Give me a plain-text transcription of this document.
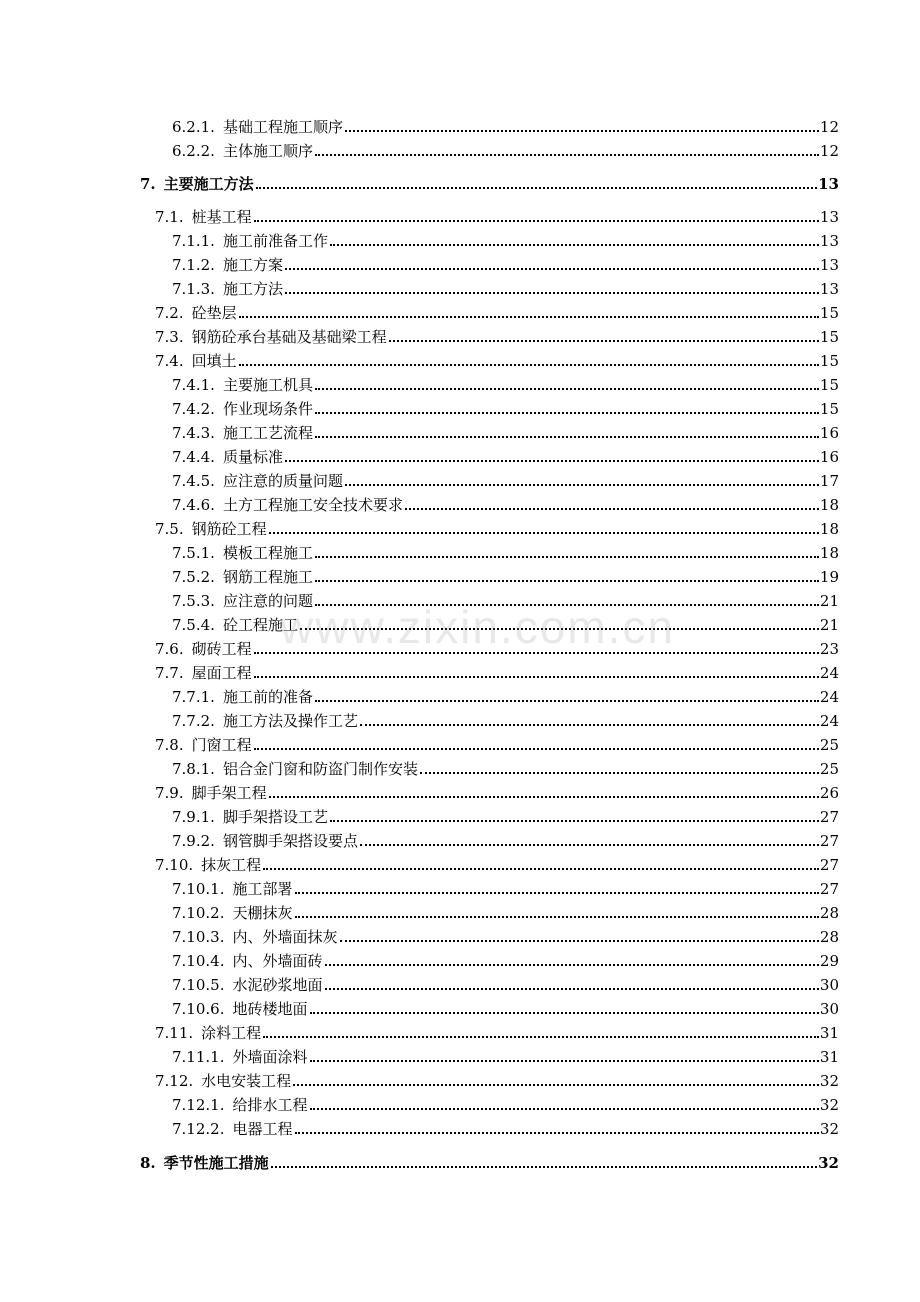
6.2.1. 基础工程施工顺序	12
6.2.2. 主体施工顺序	12
7. 主要施工方法	13
7.1. 桩基工程	13
7.1.1. 施工前准备工作	13
7.1.2. 施工方案	13
7.1.3. 施工方法	13
7.2. 砼垫层	15
7.3. 钢筋砼承台基础及基础梁工程	15
7.4. 回填土	15
7.4.1. 主要施工机具	15
7.4.2. 作业现场条件	15
7.4.3. 施工工艺流程	16
7.4.4. 质量标准	16
7.4.5. 应注意的质量问题	17
7.4.6. 土方工程施工安全技术要求	18
7.5. 钢筋砼工程	18
7.5.1. 模板工程施工	18
7.5.2. 钢筋工程施工	19
7.5.3. 应注意的问题	21
7.5.4. 砼工程施工	21
7.6. 砌砖工程	23
7.7. 屋面工程	24
7.7.1. 施工前的准备	24
7.7.2. 施工方法及操作工艺	24
7.8. 门窗工程	25
7.8.1. 铝合金门窗和防盗门制作安装	25
7.9. 脚手架工程	26
7.9.1. 脚手架搭设工艺	27
7.9.2. 钢管脚手架搭设要点	27
7.10. 抹灰工程	27
7.10.1. 施工部署	27
7.10.2. 天棚抹灰	28
7.10.3. 内、外墙面抹灰	28
7.10.4. 内、外墙面砖	29
7.10.5. 水泥砂浆地面	30
7.10.6. 地砖楼地面	30
7.11. 涂料工程	31
7.11.1. 外墙面涂料	31
7.12. 水电安装工程	32
7.12.1. 给排水工程	32
7.12.2. 电器工程	32
8. 季节性施工措施	32
www.zixin.com.cn
